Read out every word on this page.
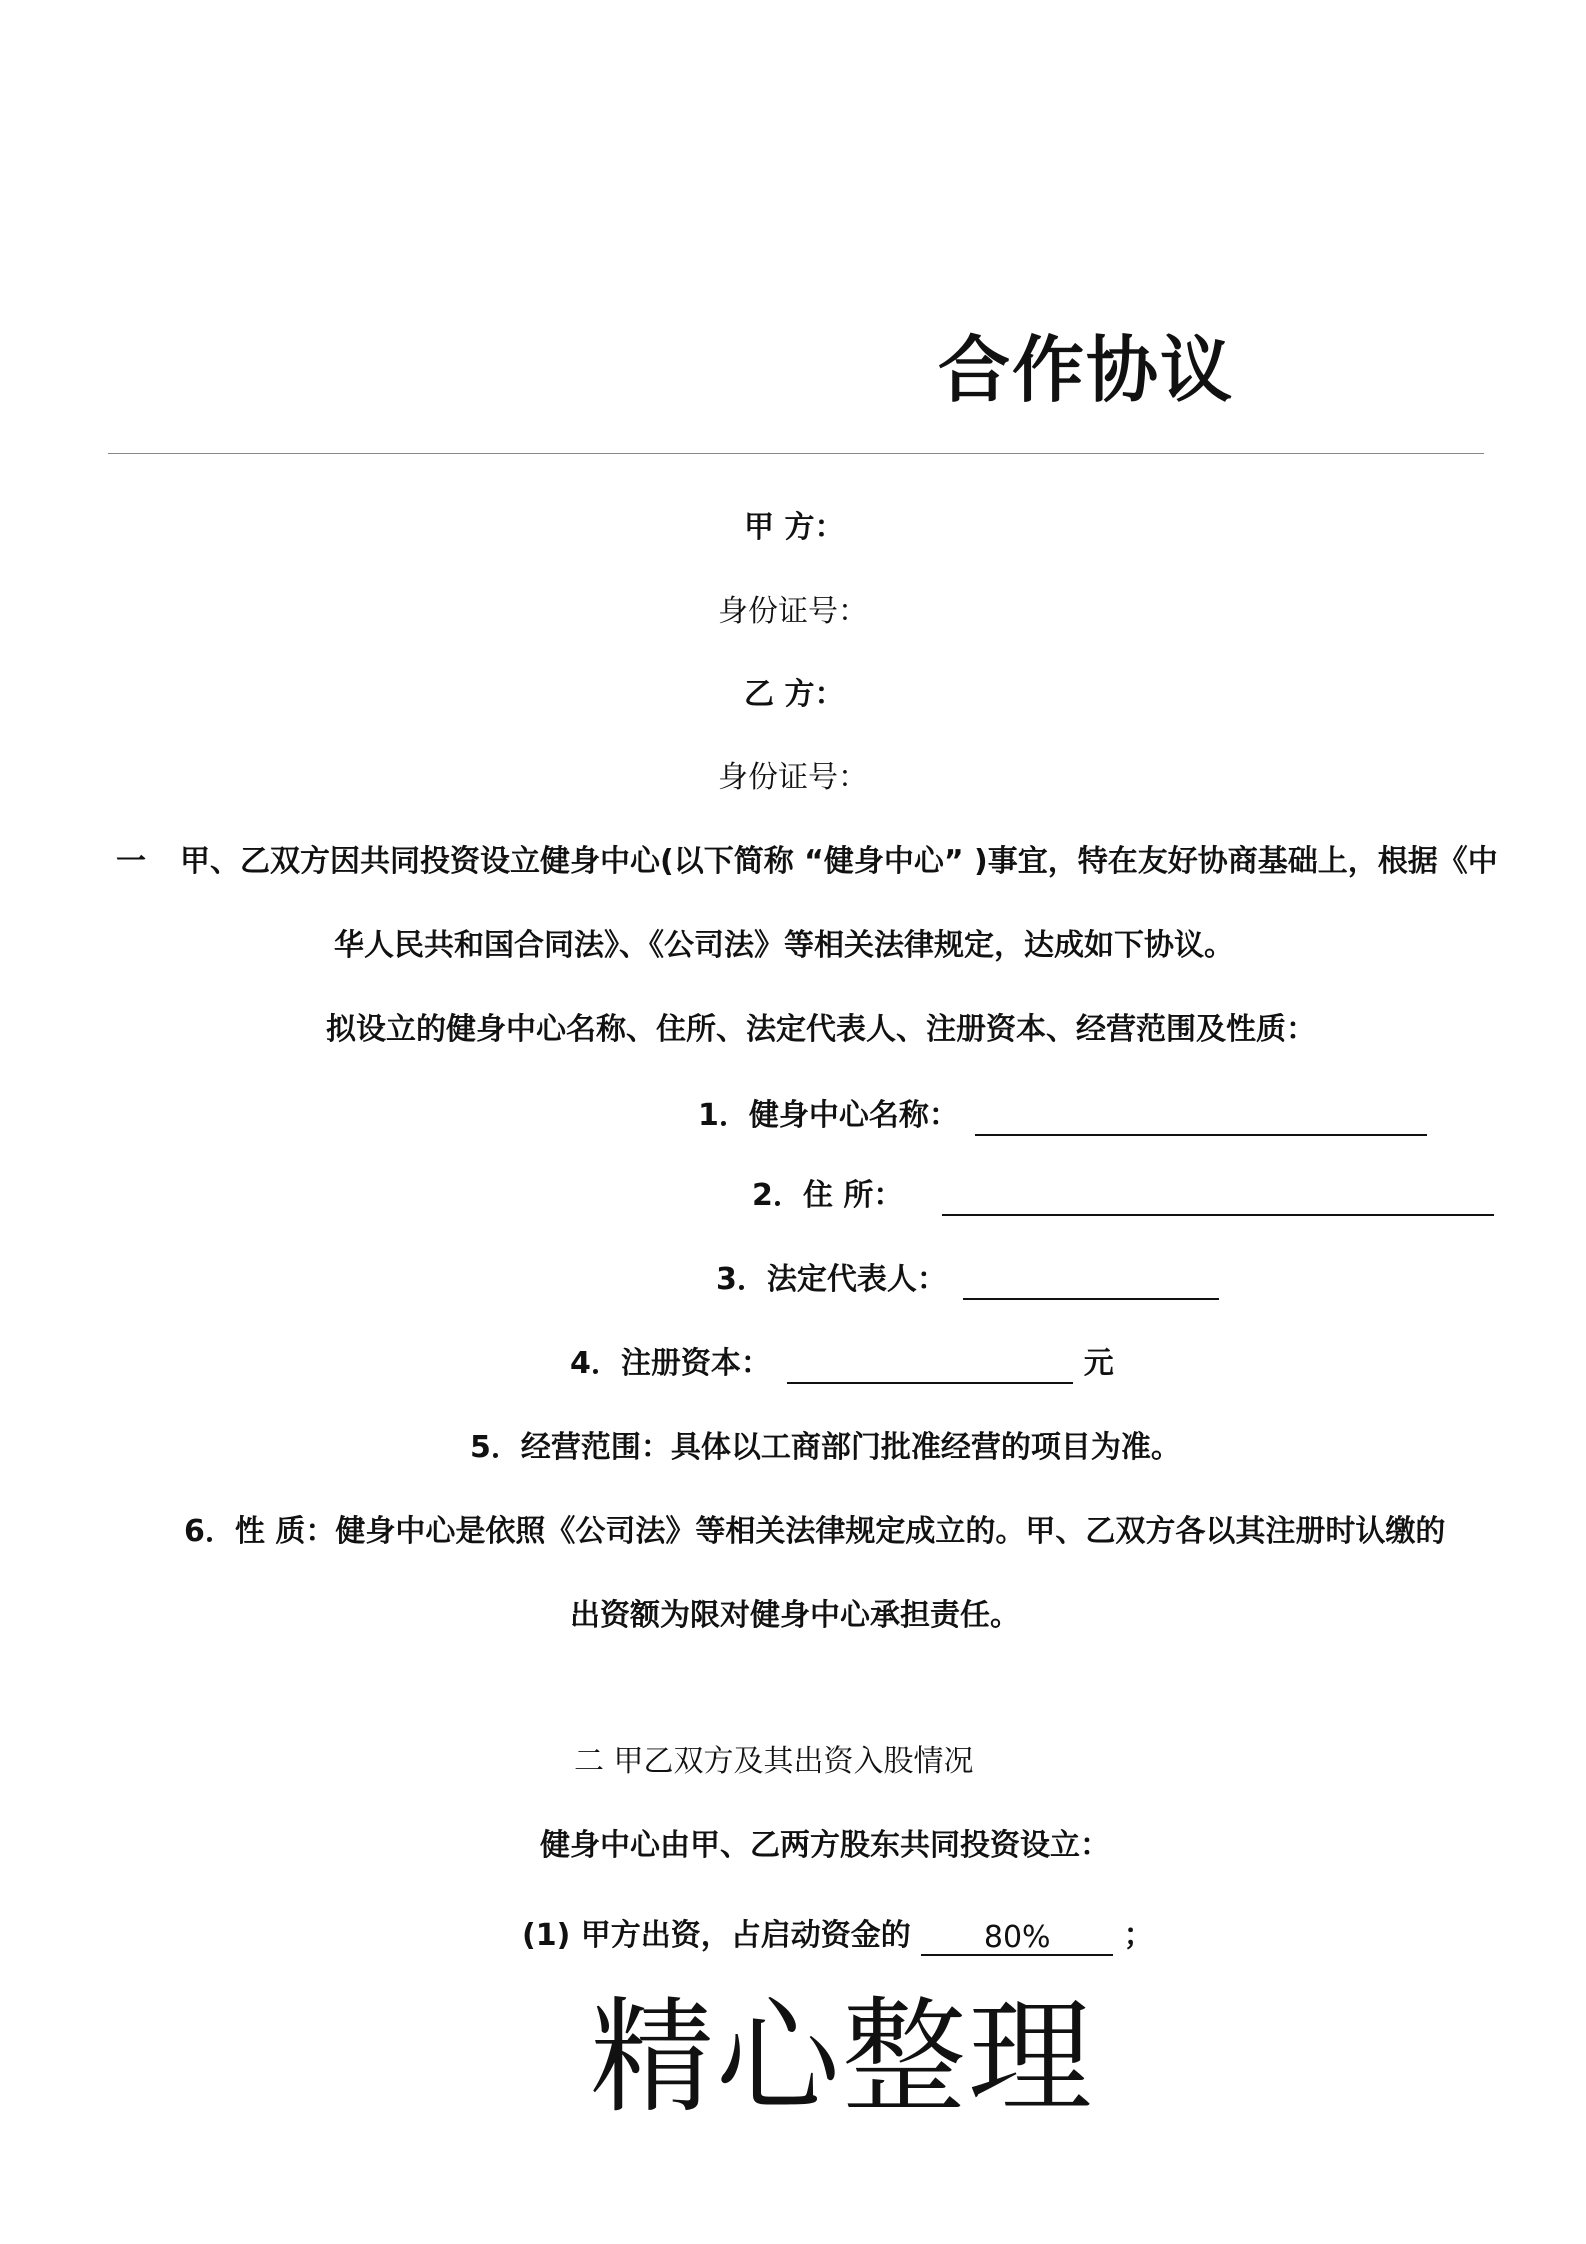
合作协议
甲 方：
身份证号：
乙 方：
身份证号：
一 甲、乙双方因共同投资设立健身中心(以下简称 “健身中心” )事宜，特在友好协商基础上，根据《中
华人民共和国合同法》、《公司法》等相关法律规定，达成如下协议。
拟设立的健身中心名称、住所、法定代表人、注册资本、经营范围及性质：
1．健身中心名称：
2．住 所：
3．法定代表人：
4．注册资本：	元
5．经营范围：具体以工商部门批准经营的项目为准。
6．性 质：健身中心是依照《公司法》等相关法律规定成立的。甲、乙双方各以其注册时认缴的
出资额为限对健身中心承担责任。
二 甲乙双方及其出资入股情况
健身中心由甲、乙两方股东共同投资设立：
(1) 甲方出资，占启动资金的 80% ；
精心整理
